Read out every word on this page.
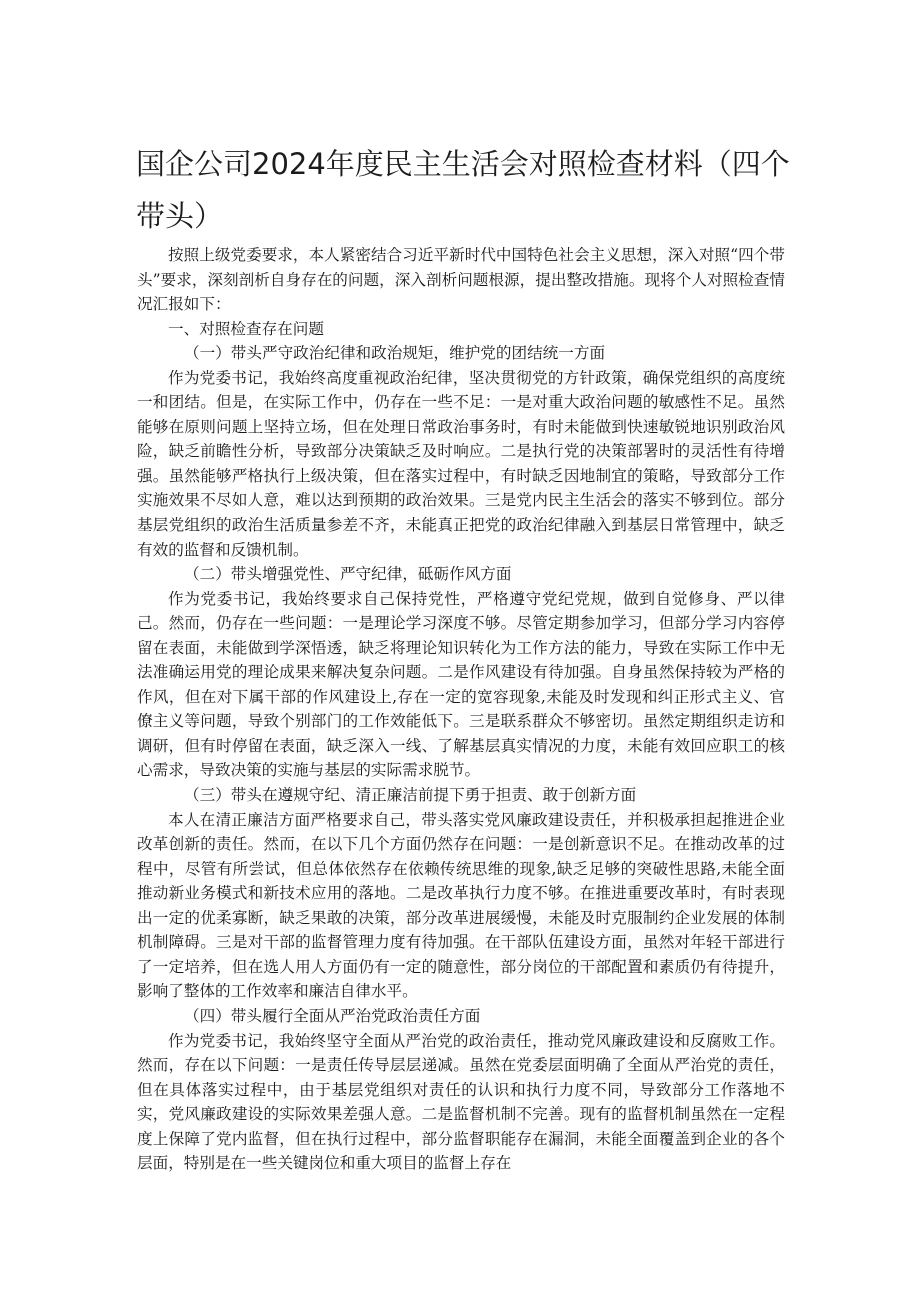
国企公司2024年度民主生活会对照检查材料（四个带头）

按照上级党委要求，本人紧密结合习近平新时代中国特色社会主义思想，深入对照“四个带头”要求，深刻剖析自身存在的问题，深入剖析问题根源，提出整改措施。现将个人对照检查情况汇报如下：

一、对照检查存在问题

（一）带头严守政治纪律和政治规矩，维护党的团结统一方面

作为党委书记，我始终高度重视政治纪律，坚决贯彻党的方针政策，确保党组织的高度统一和团结。但是，在实际工作中，仍存在一些不足：一是对重大政治问题的敏感性不足。虽然能够在原则问题上坚持立场，但在处理日常政治事务时，有时未能做到快速敏锐地识别政治风险，缺乏前瞻性分析，导致部分决策缺乏及时响应。二是执行党的决策部署时的灵活性有待增强。虽然能够严格执行上级决策，但在落实过程中，有时缺乏因地制宜的策略，导致部分工作实施效果不尽如人意，难以达到预期的政治效果。三是党内民主生活会的落实不够到位。部分基层党组织的政治生活质量参差不齐，未能真正把党的政治纪律融入到基层日常管理中，缺乏有效的监督和反馈机制。

（二）带头增强党性、严守纪律，砥砺作风方面

作为党委书记，我始终要求自己保持党性，严格遵守党纪党规，做到自觉修身、严以律己。然而，仍存在一些问题：一是理论学习深度不够。尽管定期参加学习，但部分学习内容停留在表面，未能做到学深悟透，缺乏将理论知识转化为工作方法的能力，导致在实际工作中无法准确运用党的理论成果来解决复杂问题。二是作风建设有待加强。自身虽然保持较为严格的作风，但在对下属干部的作风建设上,存在一定的宽容现象,未能及时发现和纠正形式主义、官僚主义等问题，导致个别部门的工作效能低下。三是联系群众不够密切。虽然定期组织走访和调研，但有时停留在表面，缺乏深入一线、了解基层真实情况的力度，未能有效回应职工的核心需求，导致决策的实施与基层的实际需求脱节。

（三）带头在遵规守纪、清正廉洁前提下勇于担责、敢于创新方面

本人在清正廉洁方面严格要求自己，带头落实党风廉政建设责任，并积极承担起推进企业改革创新的责任。然而，在以下几个方面仍然存在问题：一是创新意识不足。在推动改革的过程中，尽管有所尝试，但总体依然存在依赖传统思维的现象,缺乏足够的突破性思路,未能全面推动新业务模式和新技术应用的落地。二是改革执行力度不够。在推进重要改革时，有时表现出一定的优柔寡断，缺乏果敢的决策，部分改革进展缓慢，未能及时克服制约企业发展的体制机制障碍。三是对干部的监督管理力度有待加强。在干部队伍建设方面，虽然对年轻干部进行了一定培养，但在选人用人方面仍有一定的随意性，部分岗位的干部配置和素质仍有待提升，影响了整体的工作效率和廉洁自律水平。

（四）带头履行全面从严治党政治责任方面

作为党委书记，我始终坚守全面从严治党的政治责任，推动党风廉政建设和反腐败工作。然而，存在以下问题：一是责任传导层层递减。虽然在党委层面明确了全面从严治党的责任，但在具体落实过程中，由于基层党组织对责任的认识和执行力度不同，导致部分工作落地不实，党风廉政建设的实际效果差强人意。二是监督机制不完善。现有的监督机制虽然在一定程度上保障了党内监督，但在执行过程中，部分监督职能存在漏洞，未能全面覆盖到企业的各个层面，特别是在一些关键岗位和重大项目的监督上存在
